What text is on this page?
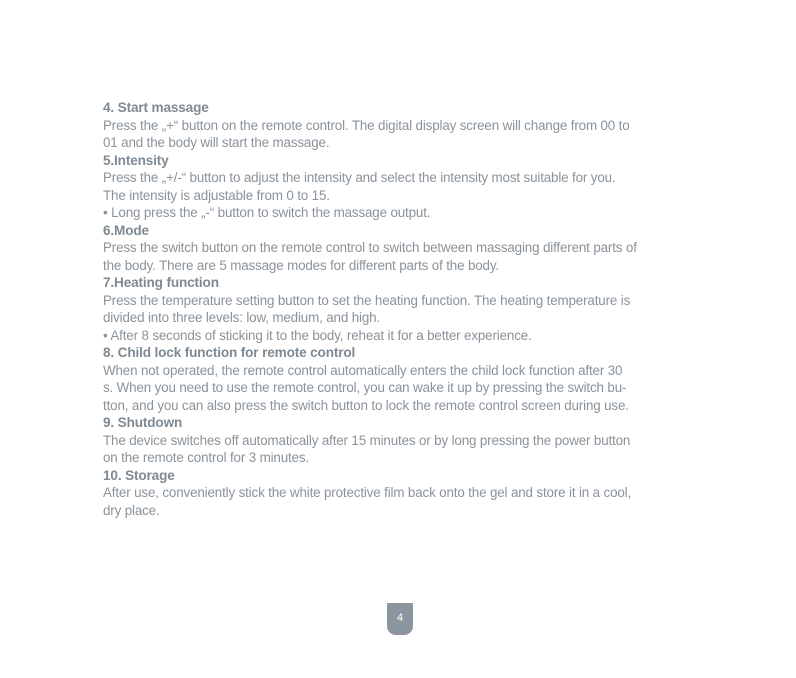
4. Start massage

Press the „+“ button on the remote control. The digital display screen will change from 00 to

01 and the body will start the massage.

5.Intensity

Press the „+/-“ button to adjust the intensity and select the intensity most suitable for you.

The intensity is adjustable from 0 to 15.

• Long press the „-“ button to switch the massage output.

6.Mode

Press the switch button on the remote control to switch between massaging different parts of

the body. There are 5 massage modes for different parts of the body.

7.Heating function

Press the temperature setting button to set the heating function. The heating temperature is

divided into three levels: low, medium, and high.

• After 8 seconds of sticking it to the body, reheat it for a better experience.

8. Child lock function for remote control

When not operated, the remote control automatically enters the child lock function after 30

s. When you need to use the remote control, you can wake it up by pressing the switch bu-

tton, and you can also press the switch button to lock the remote control screen during use.

9. Shutdown

The device switches off automatically after 15 minutes or by long pressing the power button

on the remote control for 3 minutes.

10. Storage

After use, conveniently stick the white protective film back onto the gel and store it in a cool,

dry place.

4
